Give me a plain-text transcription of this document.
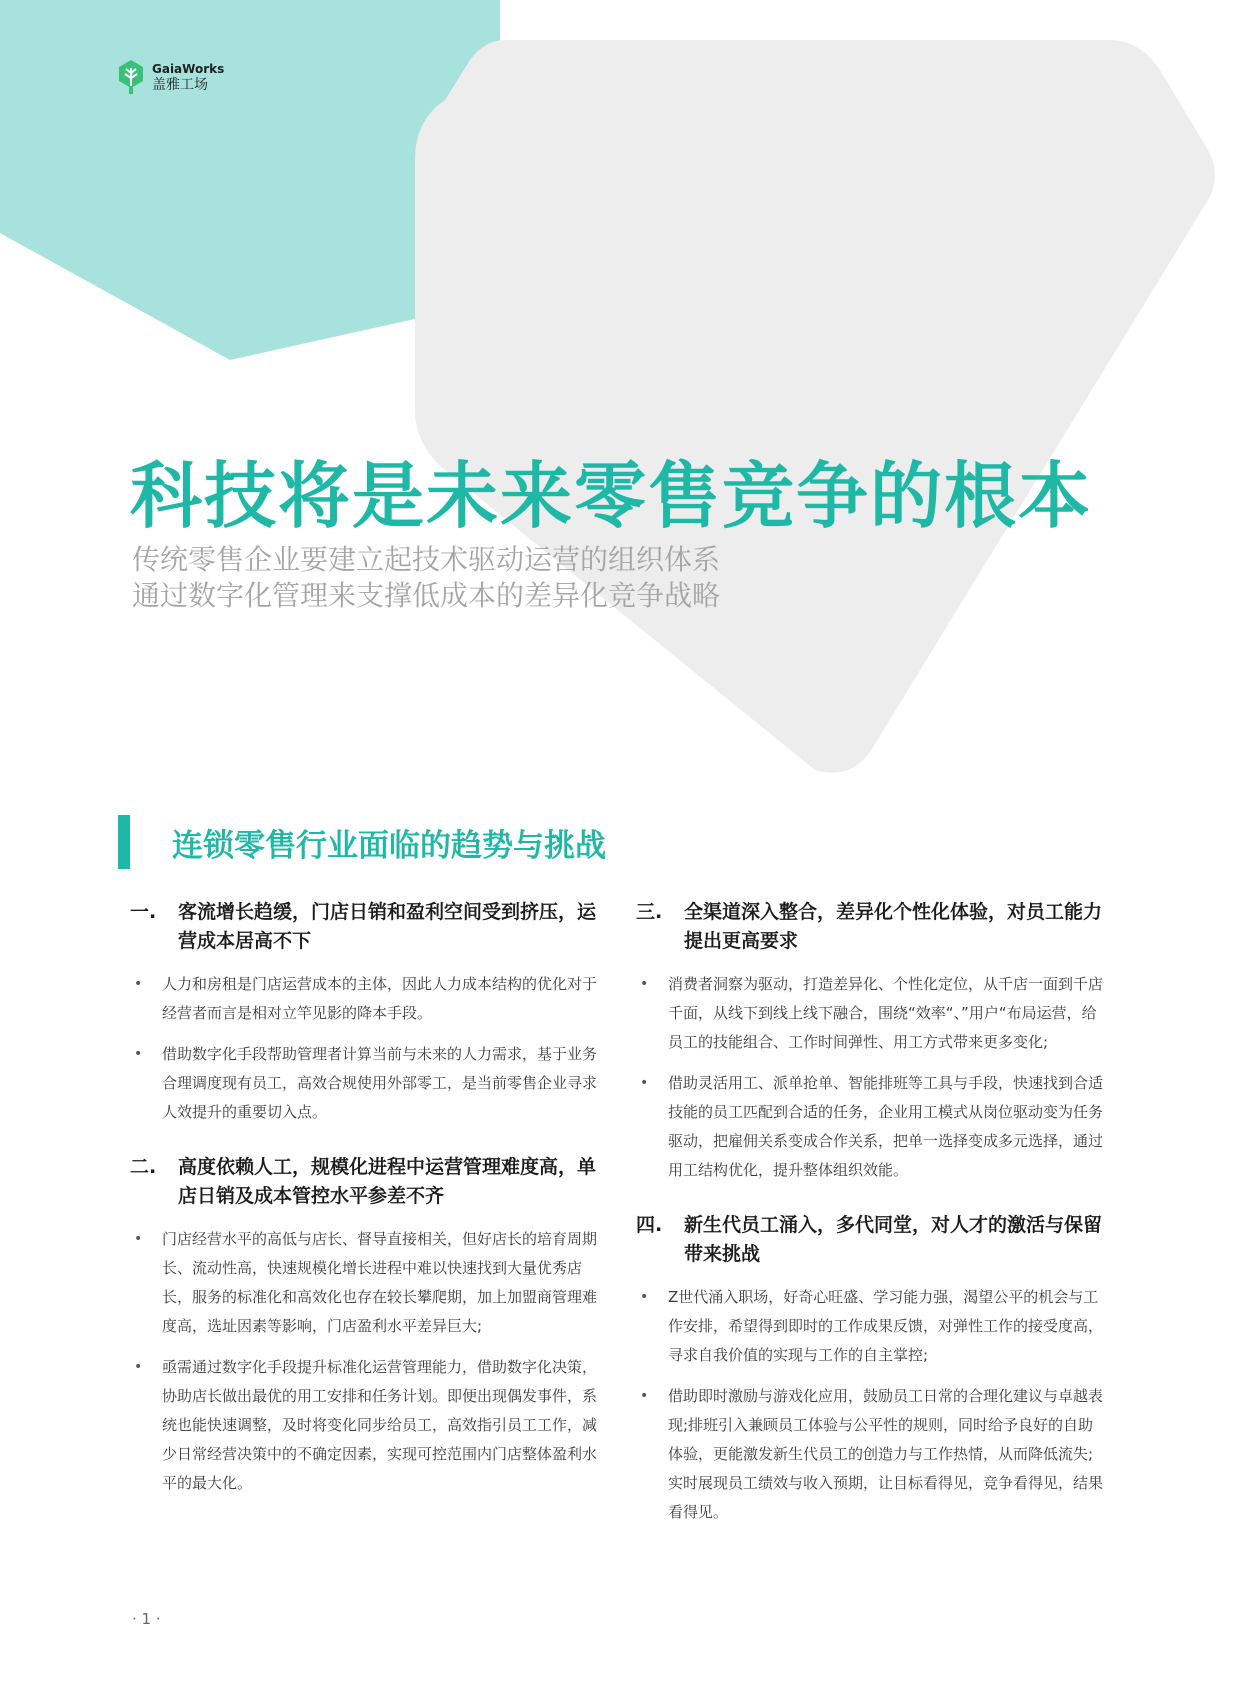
GaiaWorks
盖雅工场
科技将是未来零售竞争的根本
传统零售企业要建立起技术驱动运营的组织体系
通过数字化管理来支撑低成本的差异化竞争战略
连锁零售行业面临的趋势与挑战
一.	客流增长趋缓，门店日销和盈利空间受到挤压，运营成本居高不下
• 人力和房租是门店运营成本的主体，因此人力成本结构的优化对于经营者而言是相对立竿见影的降本手段。
• 借助数字化手段帮助管理者计算当前与未来的人力需求，基于业务合理调度现有员工，高效合规使用外部零工，是当前零售企业寻求人效提升的重要切入点。
二.	高度依赖人工，规模化进程中运营管理难度高，单店日销及成本管控水平参差不齐
• 门店经营水平的高低与店长、督导直接相关，但好店长的培育周期长、流动性高，快速规模化增长进程中难以快速找到大量优秀店长，服务的标准化和高效化也存在较长攀爬期，加上加盟商管理难度高，选址因素等影响，门店盈利水平差异巨大;
• 亟需通过数字化手段提升标准化运营管理能力，借助数字化决策，协助店长做出最优的用工安排和任务计划。即便出现偶发事件，系统也能快速调整，及时将变化同步给员工，高效指引员工工作，减少日常经营决策中的不确定因素，实现可控范围内门店整体盈利水平的最大化。
三.	全渠道深入整合，差异化个性化体验，对员工能力提出更高要求
• 消费者洞察为驱动，打造差异化、个性化定位，从千店一面到千店千面，从线下到线上线下融合，围绕“效率“、”用户“布局运营，给员工的技能组合、工作时间弹性、用工方式带来更多变化;
• 借助灵活用工、派单抢单、智能排班等工具与手段，快速找到合适技能的员工匹配到合适的任务，企业用工模式从岗位驱动变为任务驱动，把雇佣关系变成合作关系，把单一选择变成多元选择，通过用工结构优化，提升整体组织效能。
四.	新生代员工涌入，多代同堂，对人才的激活与保留带来挑战
• Z世代涌入职场，好奇心旺盛、学习能力强，渴望公平的机会与工作安排，希望得到即时的工作成果反馈，对弹性工作的接受度高，寻求自我价值的实现与工作的自主掌控;
• 借助即时激励与游戏化应用，鼓励员工日常的合理化建议与卓越表现;排班引入兼顾员工体验与公平性的规则，同时给予良好的自助体验，更能激发新生代员工的创造力与工作热情，从而降低流失;实时展现员工绩效与收入预期，让目标看得见，竞争看得见，结果看得见。
· 1 ·
